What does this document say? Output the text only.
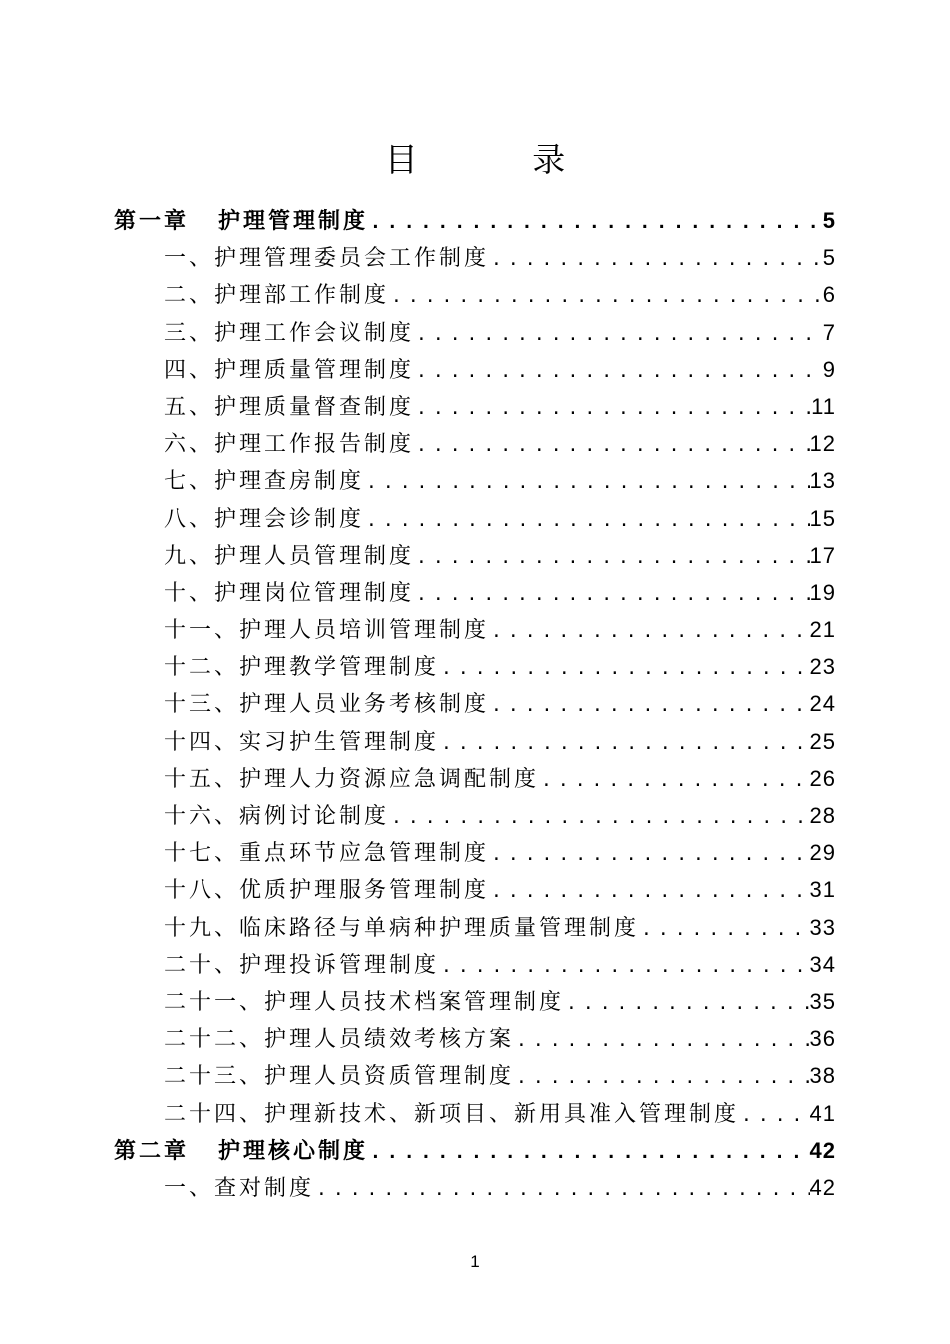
目 录
第一章	护理管理制度 .....	5
一、护理管理委员会工作制度 .....	5
二、护理部工作制度 .....	6
三、护理工作会议制度 .....	7
四、护理质量管理制度 .....	9
五、护理质量督查制度 .....	11
六、护理工作报告制度 .....	12
七、护理查房制度 .....	13
八、护理会诊制度 .....	15
九、护理人员管理制度 .....	17
十、护理岗位管理制度 .....	19
十一、护理人员培训管理制度 .....	21
十二、护理教学管理制度 .....	23
十三、护理人员业务考核制度 .....	24
十四、实习护生管理制度 .....	25
十五、护理人力资源应急调配制度 .....	26
十六、病例讨论制度 .....	28
十七、重点环节应急管理制度 .....	29
十八、优质护理服务管理制度 .....	31
十九、临床路径与单病种护理质量管理制度 .....	33
二十、护理投诉管理制度 .....	34
二十一、护理人员技术档案管理制度 .....	35
二十二、护理人员绩效考核方案 .....	36
二十三、护理人员资质管理制度 .....	38
二十四、护理新技术、新项目、新用具准入管理制度 .....	41
第二章	护理核心制度 .....	42
一、查对制度 .....	42
1
